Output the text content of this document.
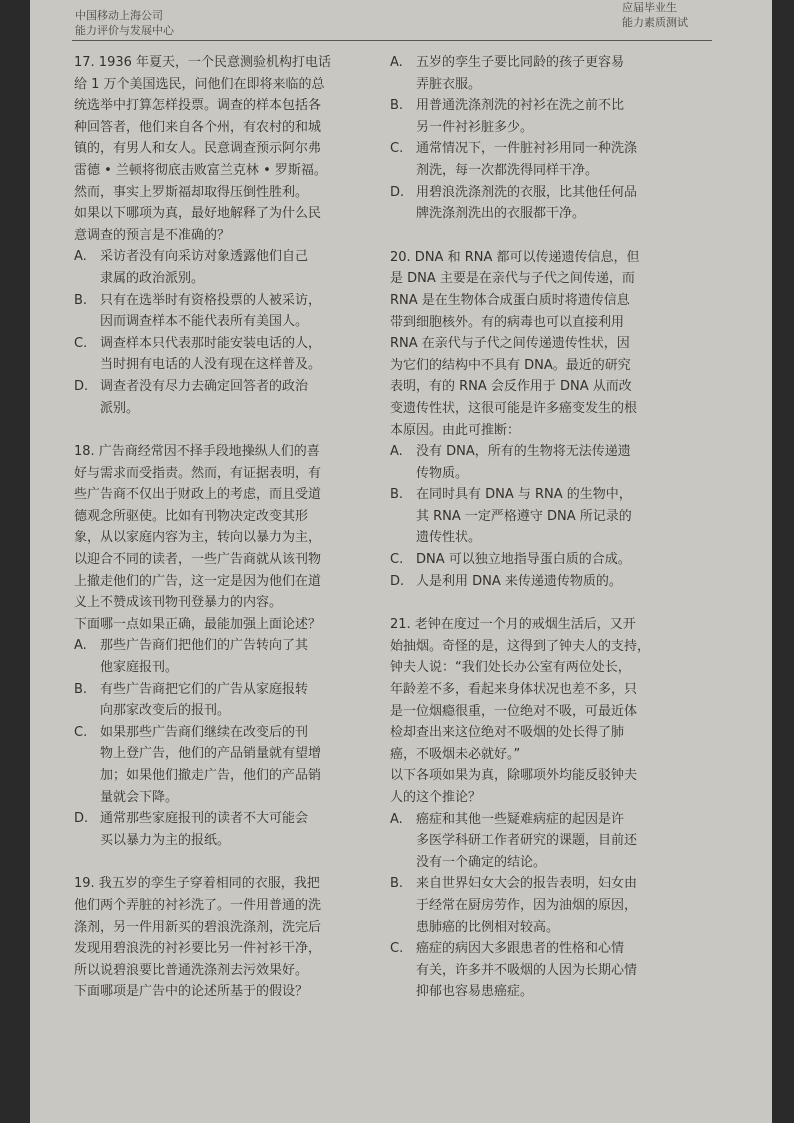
中国移动上海公司
能力评价与发展中心
应届毕业生
能力素质测试
17. 1936 年夏天，一个民意测验机构打电话
给 1 万个美国选民，问他们在即将来临的总
统选举中打算怎样投票。调查的样本包括各
种回答者，他们来自各个州，有农村的和城
镇的，有男人和女人。民意调查预示阿尔弗
雷德 • 兰顿将彻底击败富兰克林 • 罗斯福。
然而，事实上罗斯福却取得压倒性胜利。
如果以下哪项为真，最好地解释了为什么民
意调查的预言是不准确的？
A.	采访者没有向采访对象透露他们自己
隶属的政治派别。
B. 只有在选举时有资格投票的人被采访，
因而调查样本不能代表所有美国人。
C. 调查样本只代表那时能安装电话的人，
当时拥有电话的人没有现在这样普及。
D. 调查者没有尽力去确定回答者的政治
派别。
18. 广告商经常因不择手段地操纵人们的喜
好与需求而受指责。然而，有证据表明，有
些广告商不仅出于财政上的考虑，而且受道
德观念所驱使。比如有刊物决定改变其形
象，从以家庭内容为主，转向以暴力为主，
以迎合不同的读者，一些广告商就从该刊物
上撤走他们的广告，这一定是因为他们在道
义上不赞成该刊物刊登暴力的内容。
下面哪一点如果正确，最能加强上面论述？
A.	那些广告商们把他们的广告转向了其
他家庭报刊。
B. 有些广告商把它们的广告从家庭报转
向那家改变后的报刊。
C. 如果那些广告商们继续在改变后的刊
物上登广告，他们的产品销量就有望增
加；如果他们撤走广告，他们的产品销
量就会下降。
D. 通常那些家庭报刊的读者不大可能会
买以暴力为主的报纸。
19. 我五岁的孪生子穿着相同的衣服，我把
他们两个弄脏的衬衫洗了。一件用普通的洗
涤剂，另一件用新买的碧浪洗涤剂，洗完后
发现用碧浪洗的衬衫要比另一件衬衫干净，
所以说碧浪要比普通洗涤剂去污效果好。
下面哪项是广告中的论述所基于的假设？
A.	五岁的孪生子要比同龄的孩子更容易
弄脏衣服。
B. 用普通洗涤剂洗的衬衫在洗之前不比
另一件衬衫脏多少。
C. 通常情况下，一件脏衬衫用同一种洗涤
剂洗，每一次都洗得同样干净。
D. 用碧浪洗涤剂洗的衣服，比其他任何品
牌洗涤剂洗出的衣服都干净。
20. DNA 和 RNA 都可以传递遗传信息，但
是 DNA 主要是在亲代与子代之间传递，而
RNA 是在生物体合成蛋白质时将遗传信息
带到细胞核外。有的病毒也可以直接利用
RNA 在亲代与子代之间传递遗传性状，因
为它们的结构中不具有 DNA。最近的研究
表明，有的 RNA 会反作用于 DNA 从而改
变遗传性状，这很可能是许多癌变发生的根
本原因。由此可推断：
A.	没有 DNA，所有的生物将无法传递遗
传物质。
B. 在同时具有 DNA 与 RNA 的生物中，
其 RNA 一定严格遵守 DNA 所记录的
遗传性状。
C. DNA 可以独立地指导蛋白质的合成。
D. 人是利用 DNA 来传递遗传物质的。
21. 老钟在度过一个月的戒烟生活后，又开
始抽烟。奇怪的是，这得到了钟夫人的支持，
钟夫人说：“我们处长办公室有两位处长，
年龄差不多，看起来身体状况也差不多，只
是一位烟瘾很重，一位绝对不吸，可最近体
检却查出来这位绝对不吸烟的处长得了肺
癌，不吸烟未必就好。”
以下各项如果为真，除哪项外均能反驳钟夫
人的这个推论？
A.	癌症和其他一些疑难病症的起因是许
多医学科研工作者研究的课题，目前还
没有一个确定的结论。
B. 来自世界妇女大会的报告表明，妇女由
于经常在厨房劳作，因为油烟的原因，
患肺癌的比例相对较高。
C. 癌症的病因大多跟患者的性格和心情
有关，许多并不吸烟的人因为长期心情
抑郁也容易患癌症。
